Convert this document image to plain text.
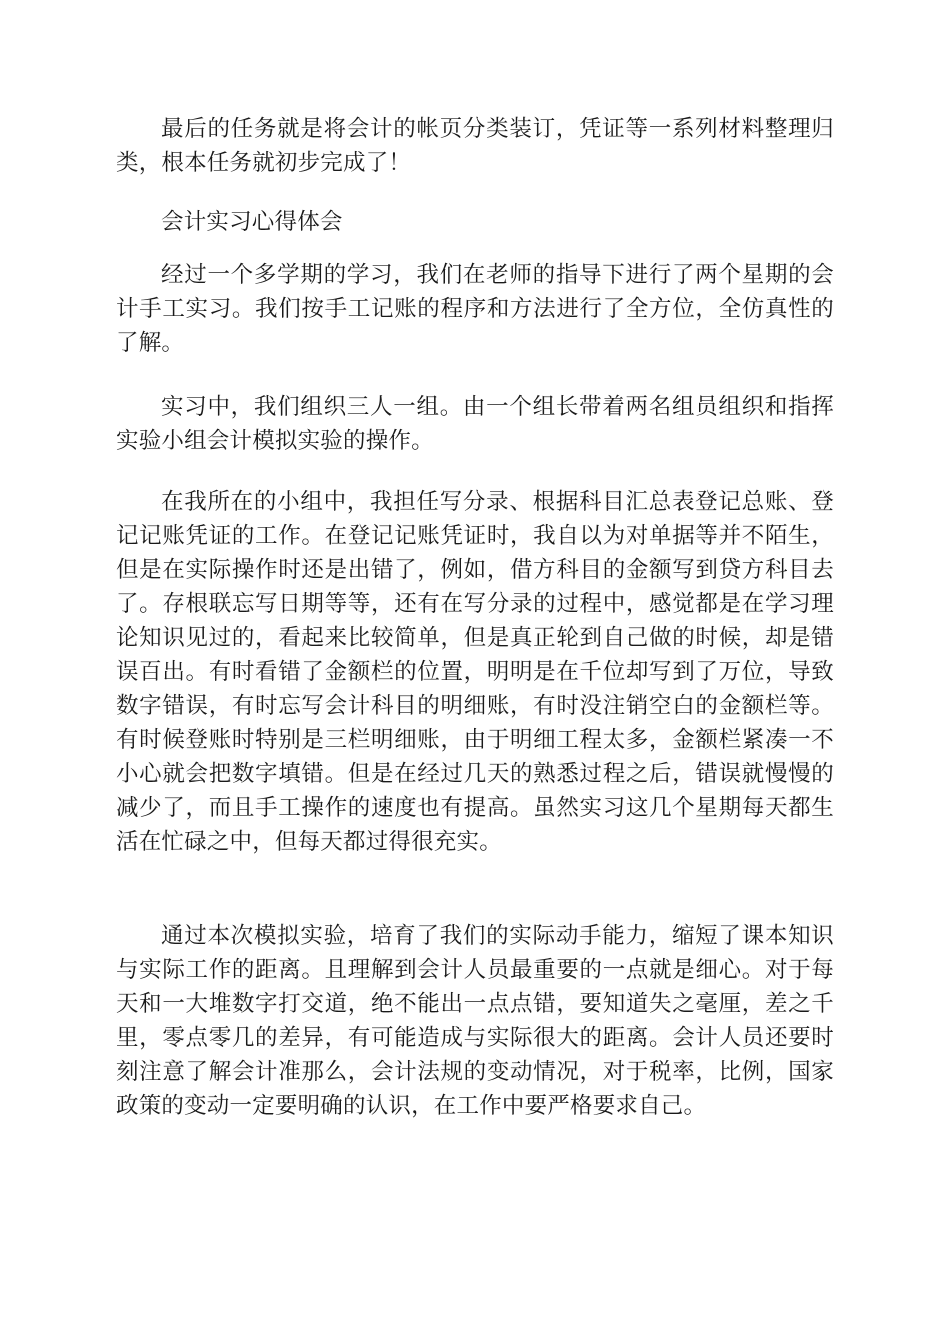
最后的任务就是将会计的帐页分类装订，凭证等一系列材料整理归类，根本任务就初步完成了！

会计实习心得体会

经过一个多学期的学习，我们在老师的指导下进行了两个星期的会计手工实习。我们按手工记账的程序和方法进行了全方位，全仿真性的了解。

实习中，我们组织三人一组。由一个组长带着两名组员组织和指挥实验小组会计模拟实验的操作。

在我所在的小组中，我担任写分录、根据科目汇总表登记总账、登记记账凭证的工作。在登记记账凭证时，我自以为对单据等并不陌生，但是在实际操作时还是出错了，例如，借方科目的金额写到贷方科目去了。存根联忘写日期等等，还有在写分录的过程中，感觉都是在学习理论知识见过的，看起来比较简单，但是真正轮到自己做的时候，却是错误百出。有时看错了金额栏的位置，明明是在千位却写到了万位，导致数字错误，有时忘写会计科目的明细账，有时没注销空白的金额栏等。有时候登账时特别是三栏明细账，由于明细工程太多，金额栏紧凑一不小心就会把数字填错。但是在经过几天的熟悉过程之后，错误就慢慢的减少了，而且手工操作的速度也有提高。虽然实习这几个星期每天都生活在忙碌之中，但每天都过得很充实。

通过本次模拟实验，培育了我们的实际动手能力，缩短了课本知识与实际工作的距离。且理解到会计人员最重要的一点就是细心。对于每天和一大堆数字打交道，绝不能出一点点错，要知道失之毫厘，差之千里，零点零几的差异，有可能造成与实际很大的距离。会计人员还要时刻注意了解会计准那么，会计法规的变动情况，对于税率，比例，国家政策的变动一定要明确的认识，在工作中要严格要求自己。
